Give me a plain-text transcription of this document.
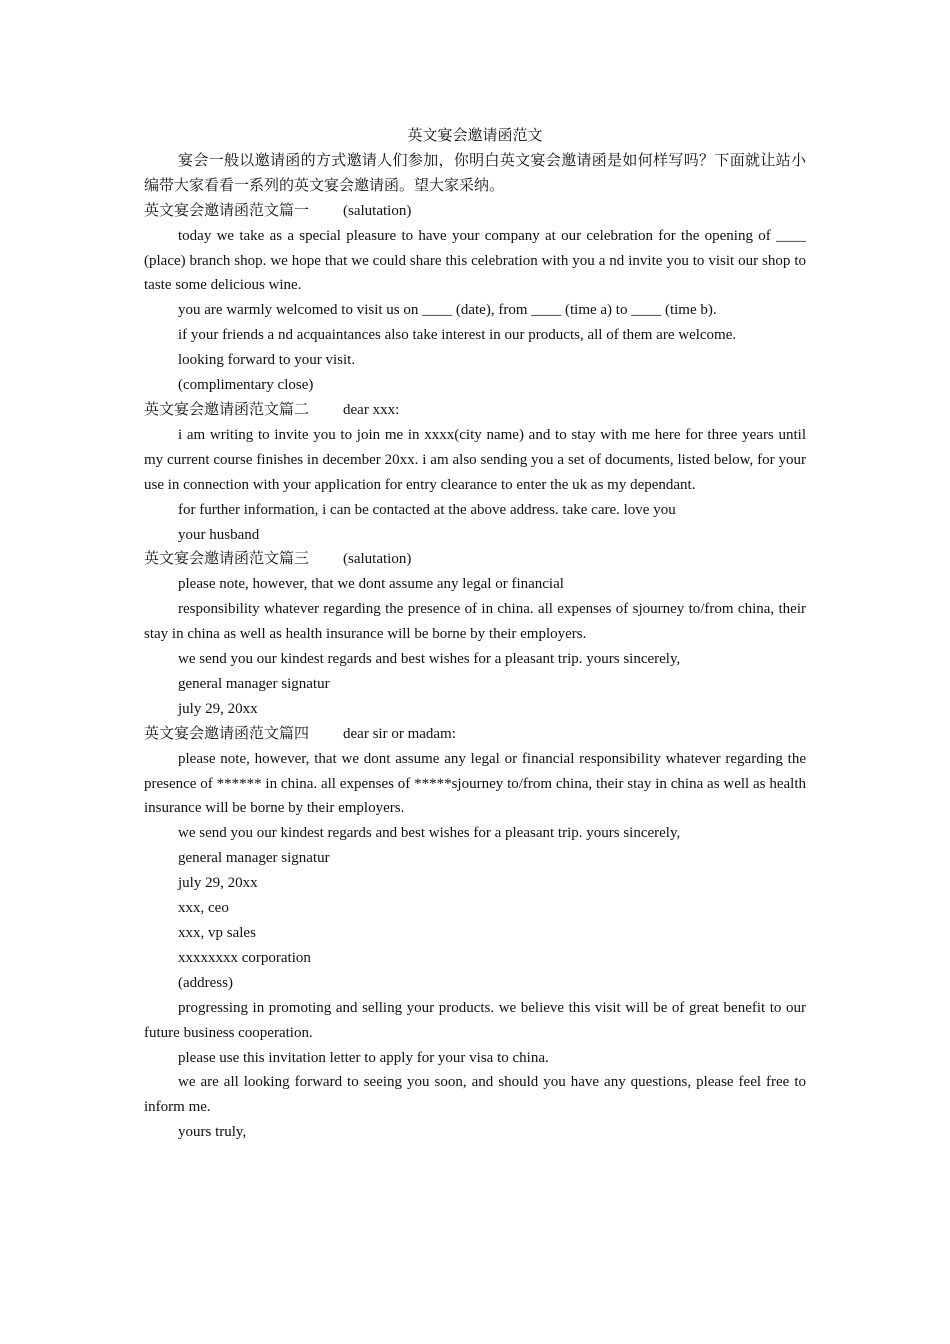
英文宴会邀请函范文

宴会一般以邀请函的方式邀请人们参加，你明白英文宴会邀请函是如何样写吗？下面就让站小编带大家看看一系列的英文宴会邀请函。望大家采纳。

英文宴会邀请函范文篇一 (salutation)

today we take as a special pleasure to have your company at our celebration for the opening of ____ (place) branch shop. we hope that we could share this celebration with you a nd invite you to visit our shop to taste some delicious wine.

you are warmly welcomed to visit us on ____ (date), from ____ (time a) to ____ (time b).

if your friends a nd acquaintances also take interest in our products, all of them are welcome.

looking forward to your visit.

(complimentary close)

英文宴会邀请函范文篇二 dear xxx:

i am writing to invite you to join me in xxxx(city name) and to stay with me here for three years until my current course finishes in december 20xx. i am also sending you a set of documents, listed below, for your use in connection with your application for entry clearance to enter the uk as my dependant.

for further information, i can be contacted at the above address. take care. love you

your husband

英文宴会邀请函范文篇三 (salutation)

please note, however, that we dont assume any legal or financial

responsibility whatever regarding the presence of in china. all expenses of sjourney to/from china, their stay in china as well as health insurance will be borne by their employers.

we send you our kindest regards and best wishes for a pleasant trip. yours sincerely,

general manager signatur

july 29, 20xx

英文宴会邀请函范文篇四 dear sir or madam:

please note, however, that we dont assume any legal or financial responsibility whatever regarding the presence of ****** in china. all expenses of *****sjourney to/from china, their stay in china as well as health insurance will be borne by their employers.

we send you our kindest regards and best wishes for a pleasant trip. yours sincerely,

general manager signatur

july 29, 20xx

xxx, ceo

xxx, vp sales

xxxxxxxx corporation

(address)

progressing in promoting and selling your products. we believe this visit will be of great benefit to our future business cooperation.

please use this invitation letter to apply for your visa to china.

we are all looking forward to seeing you soon, and should you have any questions, please feel free to inform me.

yours truly,
